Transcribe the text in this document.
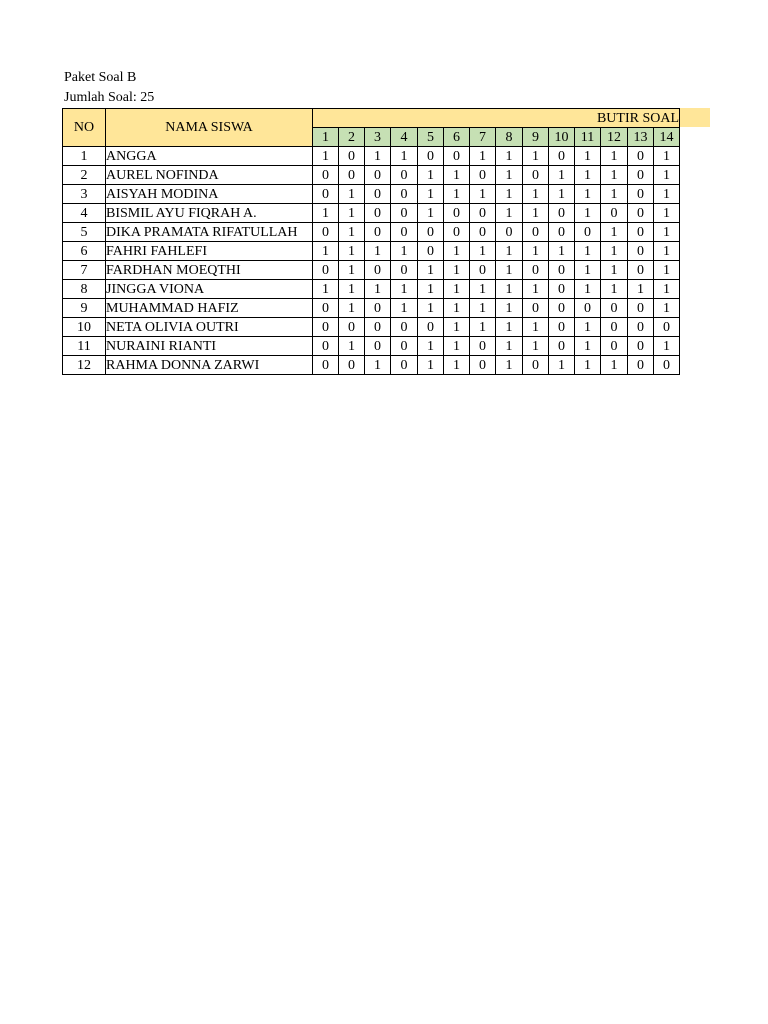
Paket Soal B
Jumlah Soal: 25
NO	NAMA SISWA	BUTIR SOAL													
		1	2	3	4	5	6	7	8	9	10	11	12	13	14
1	ANGGA	1	0	1	1	0	0	1	1	1	0	1	1	0	1
2	AUREL NOFINDA	0	0	0	0	1	1	0	1	0	1	1	1	0	1
3	AISYAH MODINA	0	1	0	0	1	1	1	1	1	1	1	1	0	1
4	BISMIL AYU FIQRAH A.	1	1	0	0	1	0	0	1	1	0	1	0	0	1
5	DIKA PRAMATA RIFATULLAH	0	1	0	0	0	0	0	0	0	0	0	1	0	1
6	FAHRI FAHLEFI	1	1	1	1	0	1	1	1	1	1	1	1	0	1
7	FARDHAN MOEQTHI	0	1	0	0	1	1	0	1	0	0	1	1	0	1
8	JINGGA VIONA	1	1	1	1	1	1	1	1	1	0	1	1	1	1
9	MUHAMMAD HAFIZ	0	1	0	1	1	1	1	1	0	0	0	0	0	1
10	NETA OLIVIA OUTRI	0	0	0	0	0	1	1	1	1	0	1	0	0	0
11	NURAINI RIANTI	0	1	0	0	1	1	0	1	1	0	1	0	0	1
12	RAHMA DONNA ZARWI	0	0	1	0	1	1	0	1	0	1	1	1	0	0
